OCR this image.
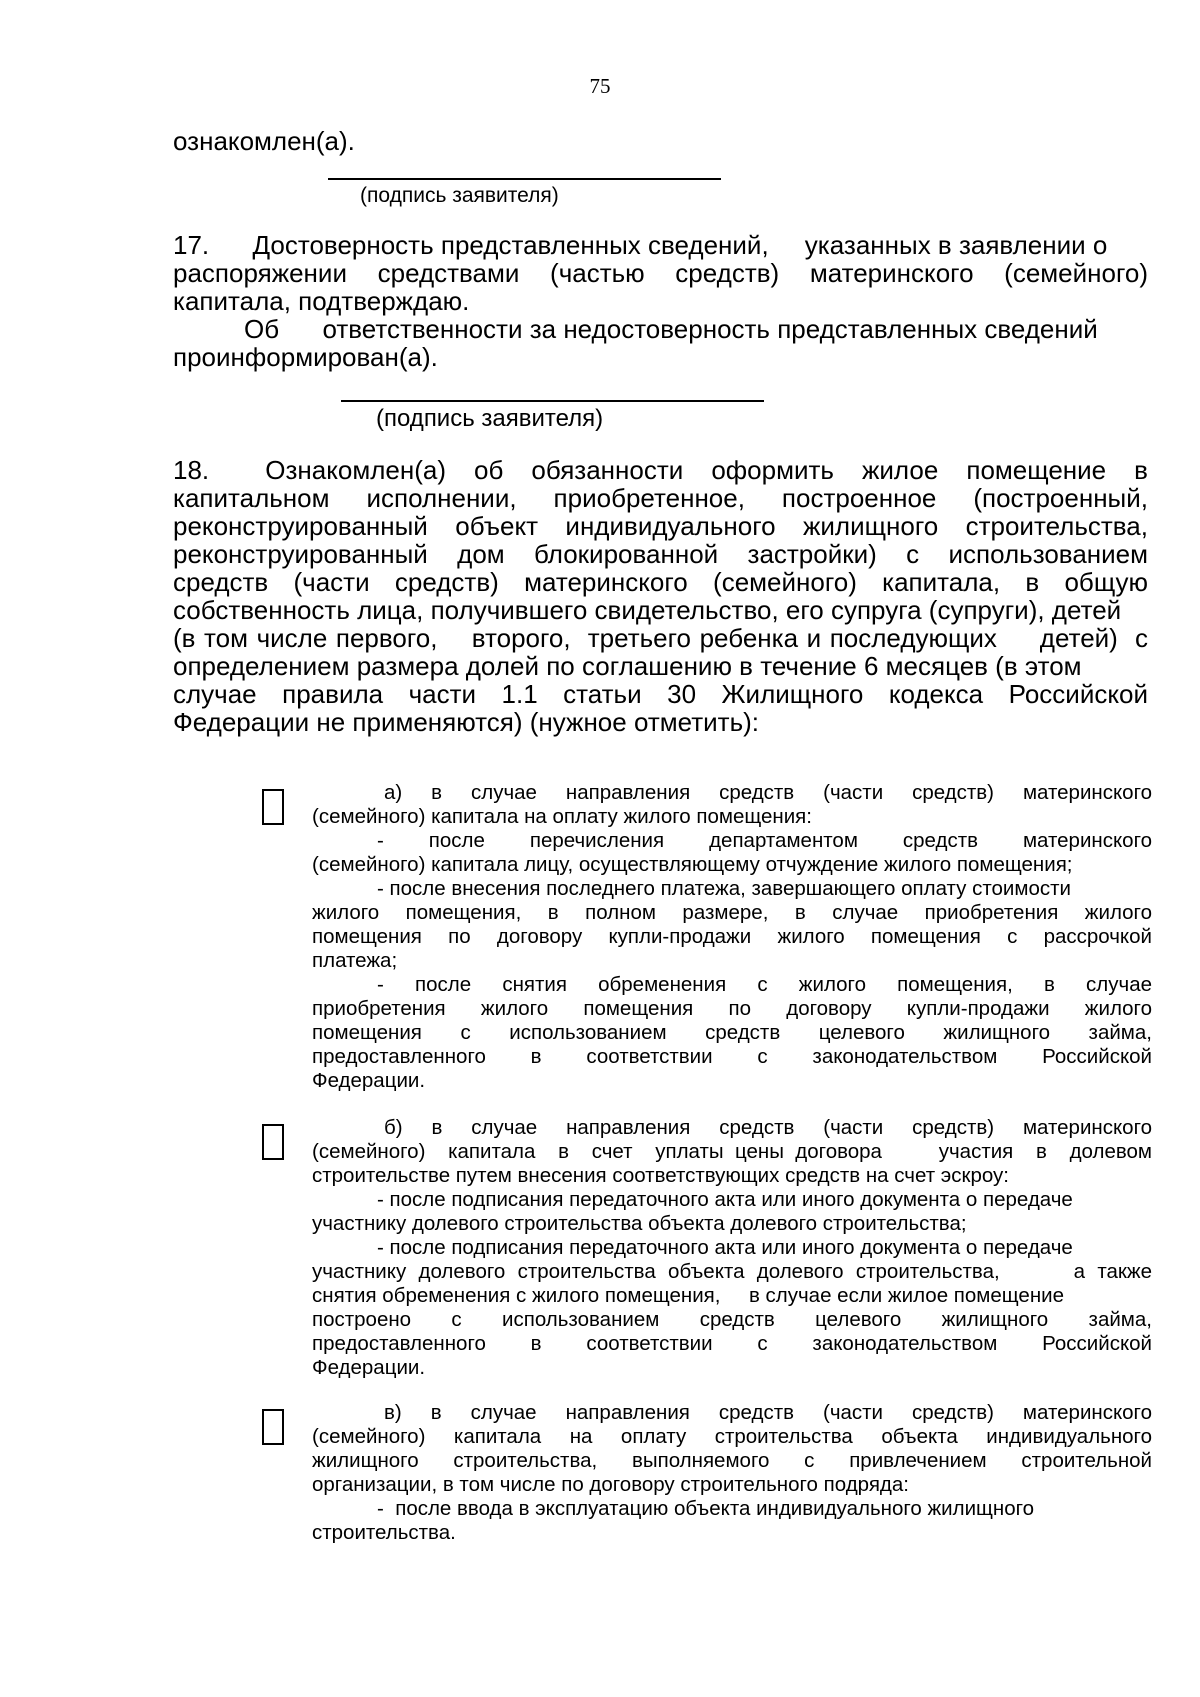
75
ознакомлен(а).
(подпись заявителя)
17.      Достоверность представленных сведений,     указанных в заявлении о
распоряжении средствами (частью средств) материнского (семейного)
капитала, подтверждаю.
Об      ответственности за недостоверность представленных сведений
проинформирован(а).
(подпись заявителя)
18.      Ознакомлен(а)   об   обязанности   оформить   жилое   помещение   в
капитальном исполнении, приобретенное, построенное (построенный,
реконструированный объект индивидуального жилищного строительства,
реконструированный дом блокированной застройки) с использованием
средств (части средств) материнского (семейного) капитала, в общую
собственность лица, получившего свидетельство, его супруга (супруги), детей
(в том числе первого,    второго,  третьего ребенка и последующих     детей)  с
определением размера долей по соглашению в течение 6 месяцев (в этом
случае правила части 1.1 статьи 30 Жилищного кодекса Российской
Федерации не применяются) (нужное отметить):

а) в случае направления средств (части средств) материнского

(семейного) капитала на оплату жилого помещения:

- после перечисления департаментом средств материнского

(семейного) капитала лицу, осуществляющему отчуждение жилого помещения;

- после внесения последнего платежа, завершающего оплату стоимости

жилого помещения, в полном размере, в случае приобретения жилого

помещения по договору купли-продажи жилого помещения с рассрочкой

платежа;

- после снятия обременения с жилого помещения, в случае

приобретения жилого помещения по договору купли-продажи жилого

помещения с использованием средств целевого жилищного займа,

предоставленного в соответствии с законодательством Российской

Федерации.

б) в случае направления средств (части средств) материнского

(семейного)  капитала  в  счет  уплаты цены договора     участия  в  долевом

строительстве путем внесения соответствующих средств на счет эскроу:

- после подписания передаточного акта или иного документа о передаче

участнику долевого строительства объекта долевого строительства;

- после подписания передаточного акта или иного документа о передаче

участнику долевого строительства объекта долевого строительства,      а также

снятия обременения с жилого помещения,     в случае если жилое помещение

построено с использованием средств целевого жилищного займа,

предоставленного в соответствии с законодательством Российской

Федерации.

в) в случае направления средств (части средств) материнского

(семейного) капитала на оплату строительства объекта индивидуального

жилищного строительства, выполняемого с привлечением строительной

организации, в том числе по договору строительного подряда:

-  после ввода в эксплуатацию объекта индивидуального жилищного

строительства.
